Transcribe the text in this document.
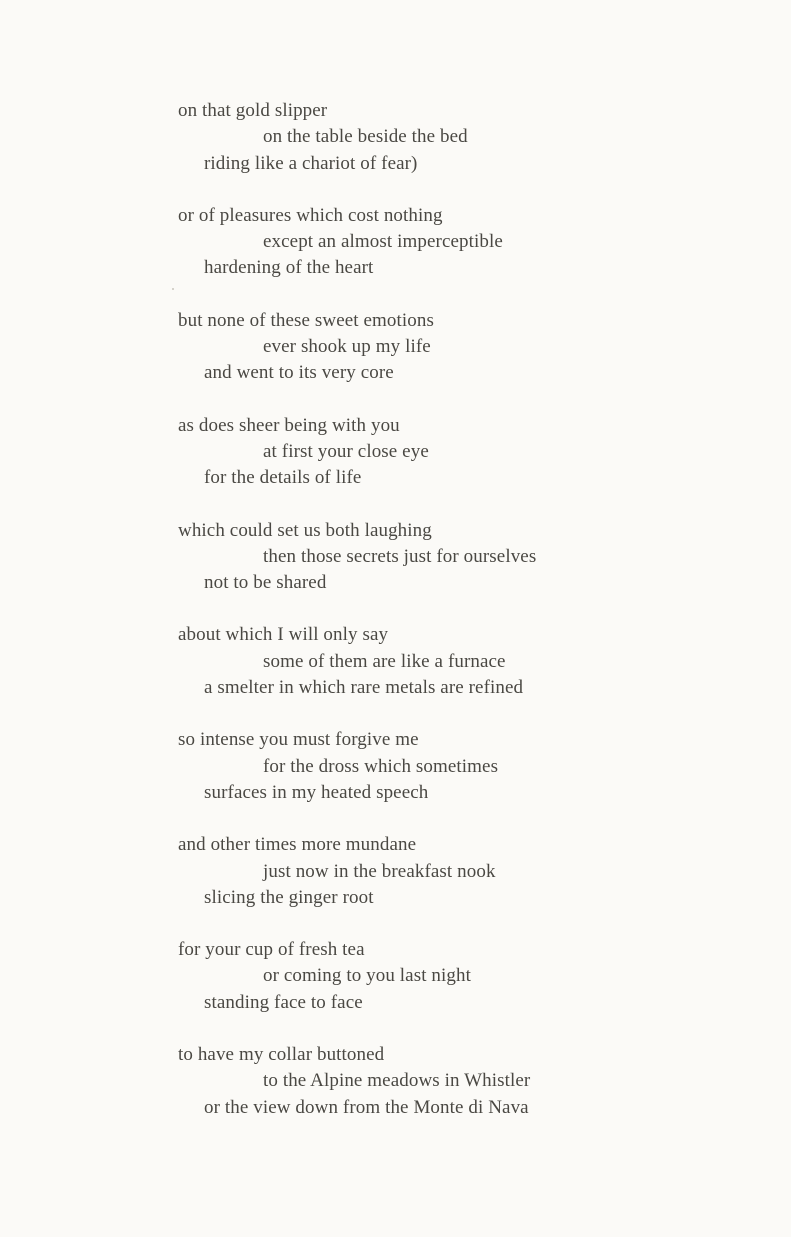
on that gold slipper
on the table beside the bed
riding like a chariot of fear)
or of pleasures which cost nothing
except an almost imperceptible
hardening of the heart
but none of these sweet emotions
ever shook up my life
and went to its very core
as does sheer being with you
at first your close eye
for the details of life
which could set us both laughing
then those secrets just for ourselves
not to be shared
about which I will only say
some of them are like a furnace
a smelter in which rare metals are refined
so intense you must forgive me
for the dross which sometimes
surfaces in my heated speech
and other times more mundane
just now in the breakfast nook
slicing the ginger root
for your cup of fresh tea
or coming to you last night
standing face to face
to have my collar buttoned
to the Alpine meadows in Whistler
or the view down from the Monte di Nava
